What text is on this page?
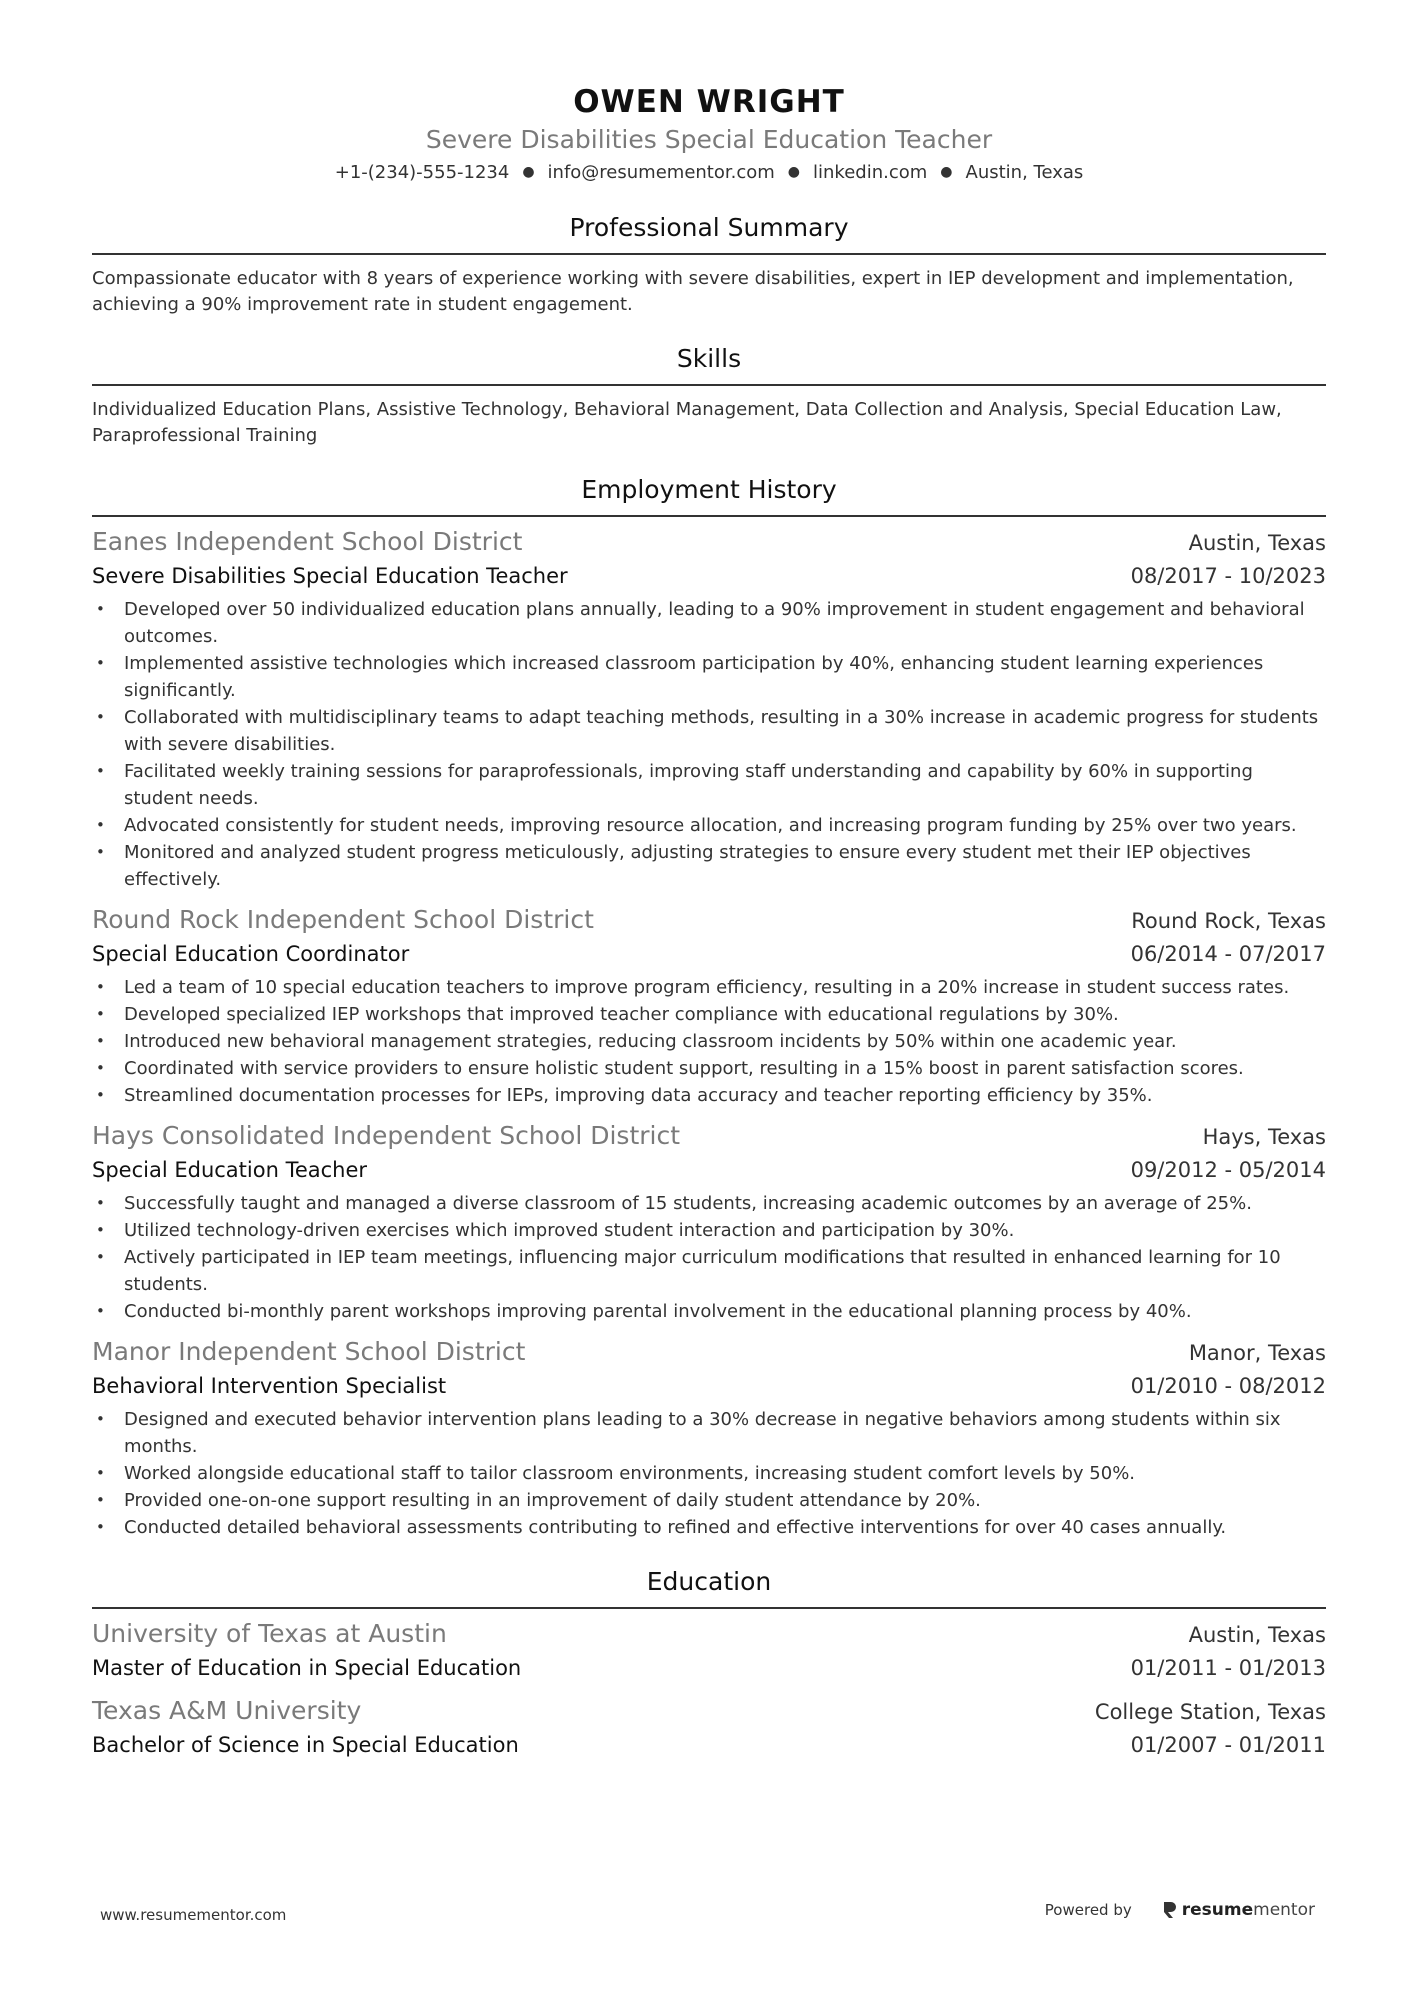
OWEN WRIGHT
Severe Disabilities Special Education Teacher
+1-(234)-555-1234 ● info@resumementor.com ● linkedin.com ● Austin, Texas
Professional Summary
Compassionate educator with 8 years of experience working with severe disabilities, expert in IEP development and implementation, achieving a 90% improvement rate in student engagement.
Skills
Individualized Education Plans, Assistive Technology, Behavioral Management, Data Collection and Analysis, Special Education Law, Paraprofessional Training
Employment History
Eanes Independent School District	Austin, Texas
Severe Disabilities Special Education Teacher	08/2017 - 10/2023
• Developed over 50 individualized education plans annually, leading to a 90% improvement in student engagement and behavioral outcomes.
• Implemented assistive technologies which increased classroom participation by 40%, enhancing student learning experiences significantly.
• Collaborated with multidisciplinary teams to adapt teaching methods, resulting in a 30% increase in academic progress for students with severe disabilities.
• Facilitated weekly training sessions for paraprofessionals, improving staff understanding and capability by 60% in supporting student needs.
• Advocated consistently for student needs, improving resource allocation, and increasing program funding by 25% over two years.
• Monitored and analyzed student progress meticulously, adjusting strategies to ensure every student met their IEP objectives effectively.
Round Rock Independent School District	Round Rock, Texas
Special Education Coordinator	06/2014 - 07/2017
• Led a team of 10 special education teachers to improve program efficiency, resulting in a 20% increase in student success rates.
• Developed specialized IEP workshops that improved teacher compliance with educational regulations by 30%.
• Introduced new behavioral management strategies, reducing classroom incidents by 50% within one academic year.
• Coordinated with service providers to ensure holistic student support, resulting in a 15% boost in parent satisfaction scores.
• Streamlined documentation processes for IEPs, improving data accuracy and teacher reporting efficiency by 35%.
Hays Consolidated Independent School District	Hays, Texas
Special Education Teacher	09/2012 - 05/2014
• Successfully taught and managed a diverse classroom of 15 students, increasing academic outcomes by an average of 25%.
• Utilized technology-driven exercises which improved student interaction and participation by 30%.
• Actively participated in IEP team meetings, influencing major curriculum modifications that resulted in enhanced learning for 10 students.
• Conducted bi-monthly parent workshops improving parental involvement in the educational planning process by 40%.
Manor Independent School District	Manor, Texas
Behavioral Intervention Specialist	01/2010 - 08/2012
• Designed and executed behavior intervention plans leading to a 30% decrease in negative behaviors among students within six months.
• Worked alongside educational staff to tailor classroom environments, increasing student comfort levels by 50%.
• Provided one-on-one support resulting in an improvement of daily student attendance by 20%.
• Conducted detailed behavioral assessments contributing to refined and effective interventions for over 40 cases annually.
Education
University of Texas at Austin	Austin, Texas
Master of Education in Special Education	01/2011 - 01/2013
Texas A&M University	College Station, Texas
Bachelor of Science in Special Education	01/2007 - 01/2011
www.resumementor.com	Powered by	resume mentor
